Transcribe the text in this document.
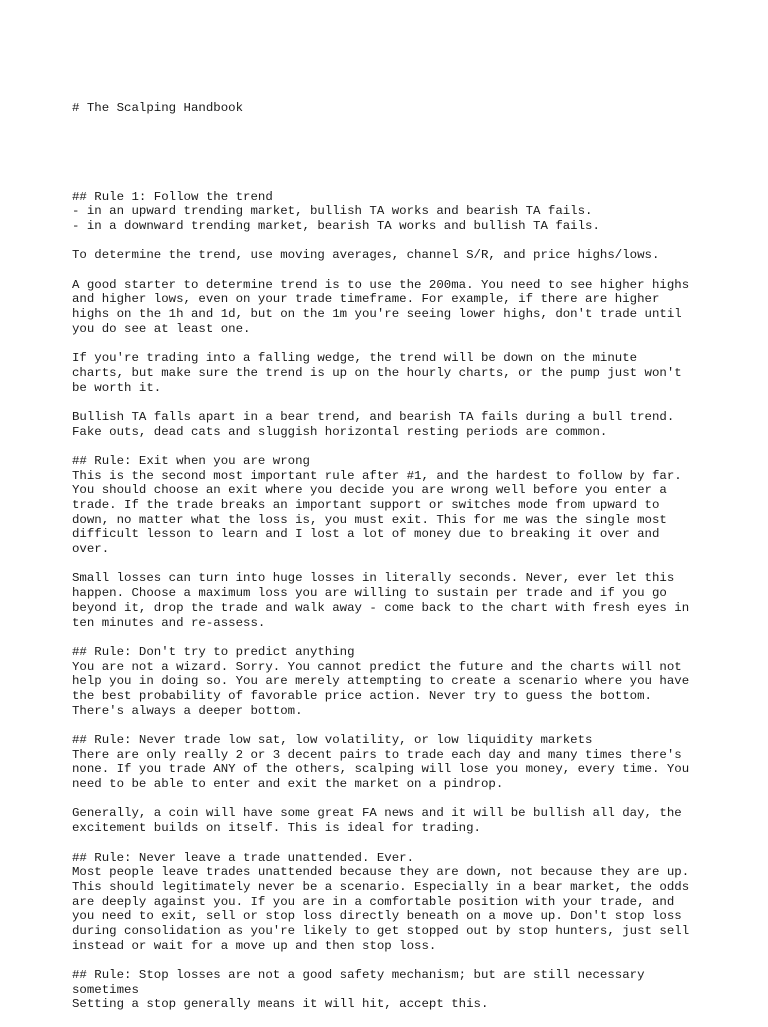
# The Scalping Handbook

## Rule 1: Follow the trend
- in an upward trending market, bullish TA works and bearish TA fails.
- in a downward trending market, bearish TA works and bullish TA fails.
To determine the trend, use moving averages, channel S/R, and price highs/lows.
A good starter to determine trend is to use the 200ma. You need to see higher highs
and higher lows, even on your trade timeframe. For example, if there are higher
highs on the 1h and 1d, but on the 1m you're seeing lower highs, don't trade until
you do see at least one.
If you're trading into a falling wedge, the trend will be down on the minute
charts, but make sure the trend is up on the hourly charts, or the pump just won't
be worth it.
Bullish TA falls apart in a bear trend, and bearish TA fails during a bull trend.
Fake outs, dead cats and sluggish horizontal resting periods are common.
## Rule: Exit when you are wrong
This is the second most important rule after #1, and the hardest to follow by far.
You should choose an exit where you decide you are wrong well before you enter a
trade. If the trade breaks an important support or switches mode from upward to
down, no matter what the loss is, you must exit. This for me was the single most
difficult lesson to learn and I lost a lot of money due to breaking it over and
over.
Small losses can turn into huge losses in literally seconds. Never, ever let this
happen. Choose a maximum loss you are willing to sustain per trade and if you go
beyond it, drop the trade and walk away - come back to the chart with fresh eyes in
ten minutes and re-assess.
## Rule: Don't try to predict anything
You are not a wizard. Sorry. You cannot predict the future and the charts will not
help you in doing so. You are merely attempting to create a scenario where you have
the best probability of favorable price action. Never try to guess the bottom.
There's always a deeper bottom.
## Rule: Never trade low sat, low volatility, or low liquidity markets
There are only really 2 or 3 decent pairs to trade each day and many times there's
none. If you trade ANY of the others, scalping will lose you money, every time. You
need to be able to enter and exit the market on a pindrop.
Generally, a coin will have some great FA news and it will be bullish all day, the
excitement builds on itself. This is ideal for trading.
## Rule: Never leave a trade unattended. Ever.
Most people leave trades unattended because they are down, not because they are up.
This should legitimately never be a scenario. Especially in a bear market, the odds
are deeply against you. If you are in a comfortable position with your trade, and
you need to exit, sell or stop loss directly beneath on a move up. Don't stop loss
during consolidation as you're likely to get stopped out by stop hunters, just sell
instead or wait for a move up and then stop loss.
## Rule: Stop losses are not a good safety mechanism; but are still necessary
sometimes
Setting a stop generally means it will hit, accept this.
